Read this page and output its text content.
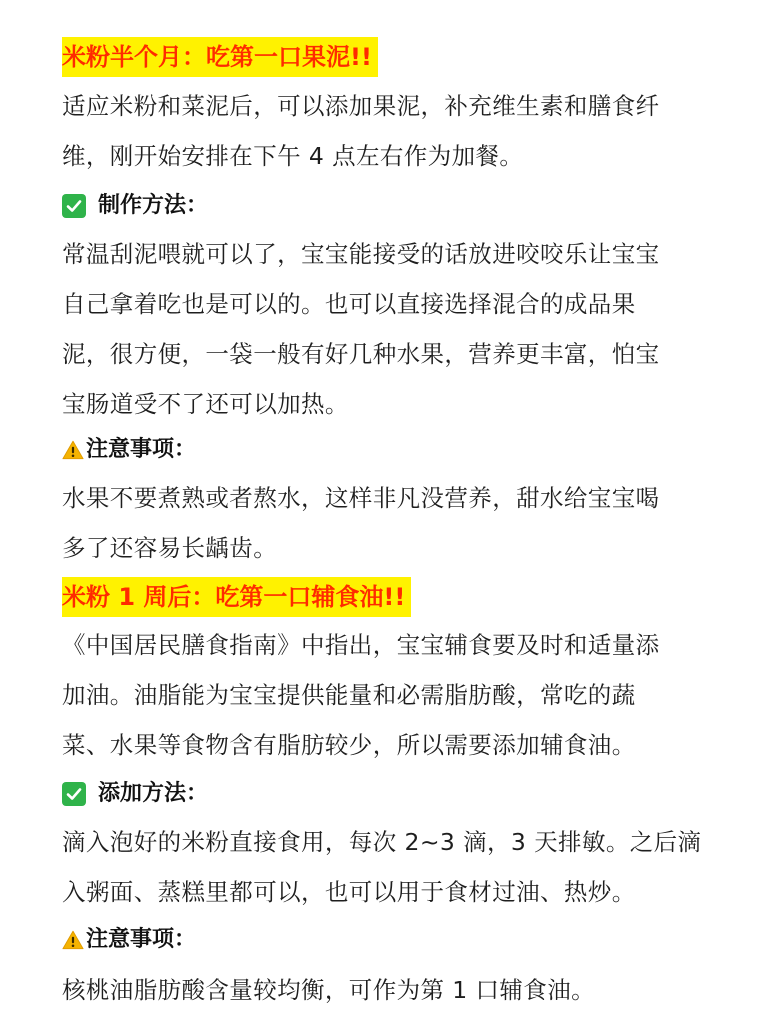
米粉半个月：吃第一口果泥!!
适应米粉和菜泥后，可以添加果泥，补充维生素和膳食纤
维，刚开始安排在下午 4 点左右作为加餐。
制作方法：
常温刮泥喂就可以了，宝宝能接受的话放进咬咬乐让宝宝
自己拿着吃也是可以的。也可以直接选择混合的成品果
泥，很方便，一袋一般有好几种水果，营养更丰富，怕宝
宝肠道受不了还可以加热。
注意事项：
水果不要煮熟或者熬水，这样非凡没营养，甜水给宝宝喝
多了还容易长龋齿。
米粉 1 周后：吃第一口辅食油!!
《中国居民膳食指南》中指出，宝宝辅食要及时和适量添
加油。油脂能为宝宝提供能量和必需脂肪酸，常吃的蔬
菜、水果等食物含有脂肪较少，所以需要添加辅食油。
添加方法：
滴入泡好的米粉直接食用，每次 2~3 滴，3 天排敏。之后滴
入粥面、蒸糕里都可以，也可以用于食材过油、热炒。
注意事项：
核桃油脂肪酸含量较均衡，可作为第 1 口辅食油。
